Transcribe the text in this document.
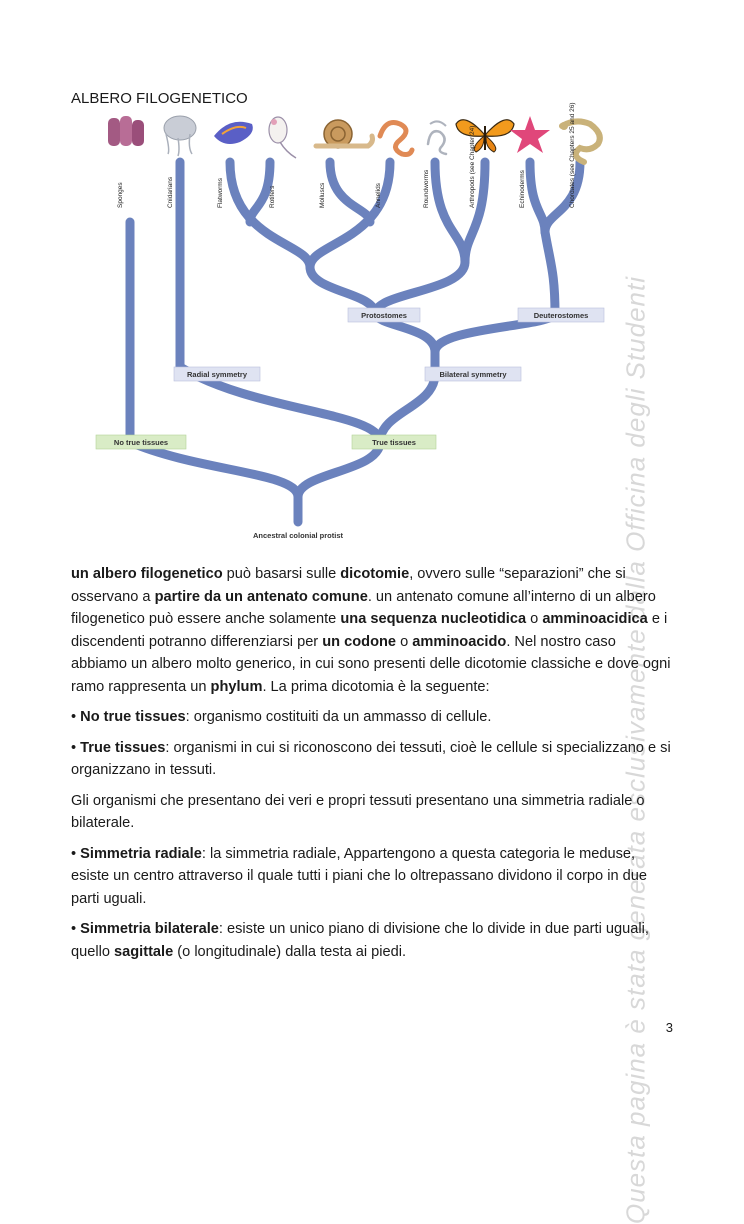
ALBERO FILOGENETICO
Sponges	Cnidarians	Flatworms	Rotifers	Molluscs	Annelids	Roundworms	Arthropods (see Chapter 24)	Echinoderms	Chordates (see Chapters 25 and 26)
Protostomes	Deuterostomes
Radial symmetry	Bilateral symmetry
No true tissues	True tissues
Ancestral colonial protist	Questa pagina è stata generata esclusivamente dalla Officina degli Studenti

un albero filogenetico può basarsi sulle dicotomie, ovvero sulle “separazioni” che si osservano a partire da un antenato comune. un antenato comune all’interno di un albero filogenetico può essere anche solamente una sequenza nucleotidica o amminoacidica e i discendenti potranno differenziarsi per un codone o amminoacido. Nel nostro caso abbiamo un albero molto generico, in cui sono presenti delle dicotomie classiche e dove ogni ramo rappresenta un phylum. La prima dicotomia è la seguente:

• No true tissues: organismo costituiti da un ammasso di cellule.

• True tissues: organismi in cui si riconoscono dei tessuti, cioè le cellule si specializzano e si organizzano in tessuti.

Gli organismi che presentano dei veri e propri tessuti presentano una simmetria radiale o bilaterale.

• Simmetria radiale: la simmetria radiale, Appartengono a questa categoria le meduse, esiste un centro attraverso il quale tutti i piani che lo oltrepassano dividono il corpo in due parti uguali.

• Simmetria bilaterale: esiste un unico piano di divisione che lo divide in due parti uguali, quello sagittale (o longitudinale) dalla testa ai piedi.

3
